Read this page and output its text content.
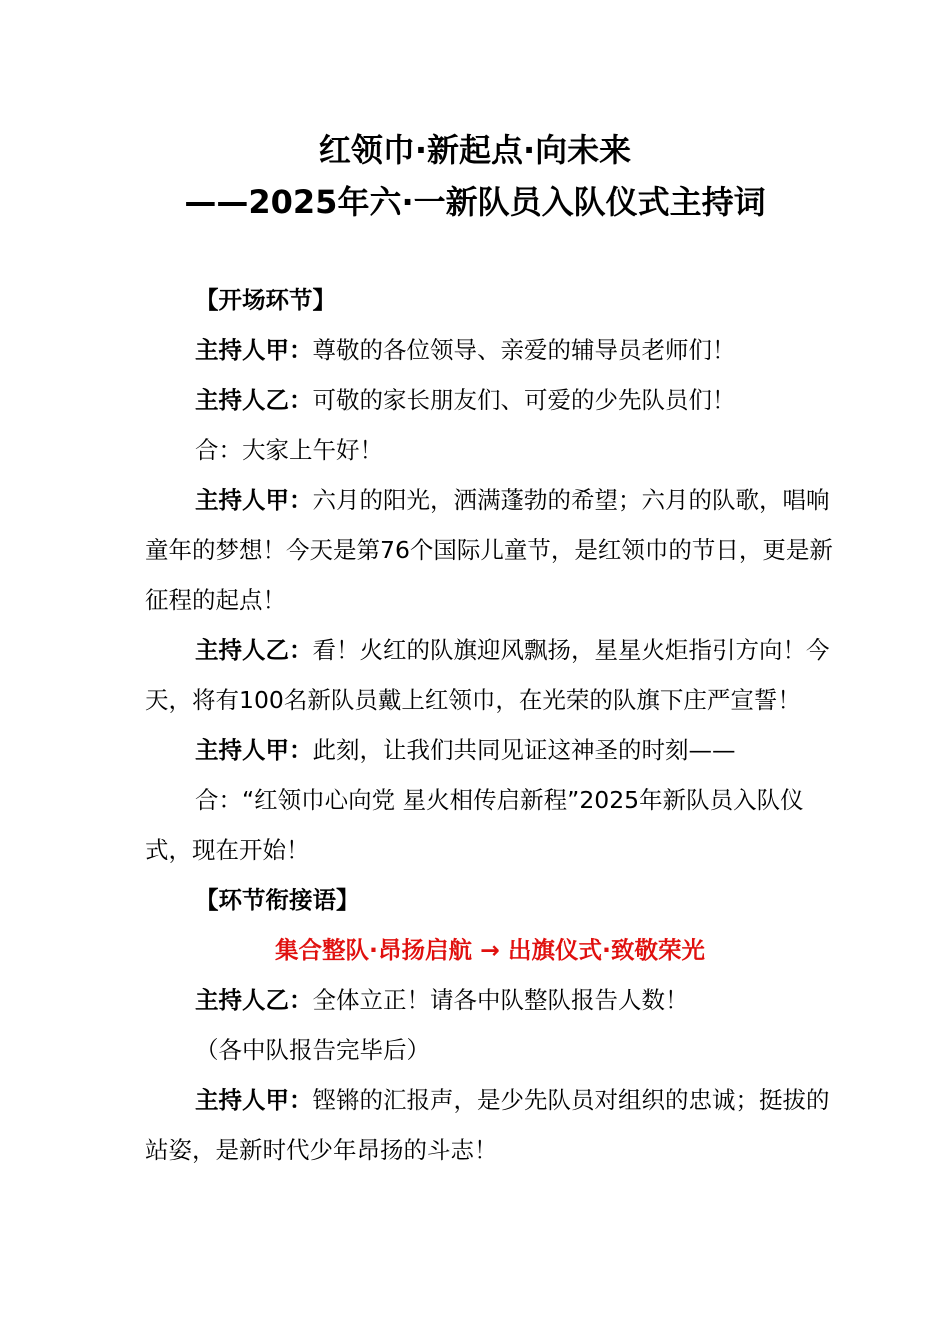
红领巾·新起点·向未来
——2025年六·一新队员入队仪式主持词

【开场环节】

主持人甲：尊敬的各位领导、亲爱的辅导员老师们！

主持人乙：可敬的家长朋友们、可爱的少先队员们！

合：大家上午好！

主持人甲：六月的阳光，洒满蓬勃的希望；六月的队歌，唱响童年的梦想！今天是第76个国际儿童节，是红领巾的节日，更是新征程的起点！

主持人乙：看！火红的队旗迎风飘扬，星星火炬指引方向！今天，将有100名新队员戴上红领巾，在光荣的队旗下庄严宣誓！

主持人甲：此刻，让我们共同见证这神圣的时刻——

合：“红领巾心向党 星火相传启新程”2025年新队员入队仪式，现在开始！

【环节衔接语】

集合整队·昂扬启航 → 出旗仪式·致敬荣光

主持人乙：全体立正！请各中队整队报告人数！

（各中队报告完毕后）

主持人甲：铿锵的汇报声，是少先队员对组织的忠诚；挺拔的站姿，是新时代少年昂扬的斗志！
